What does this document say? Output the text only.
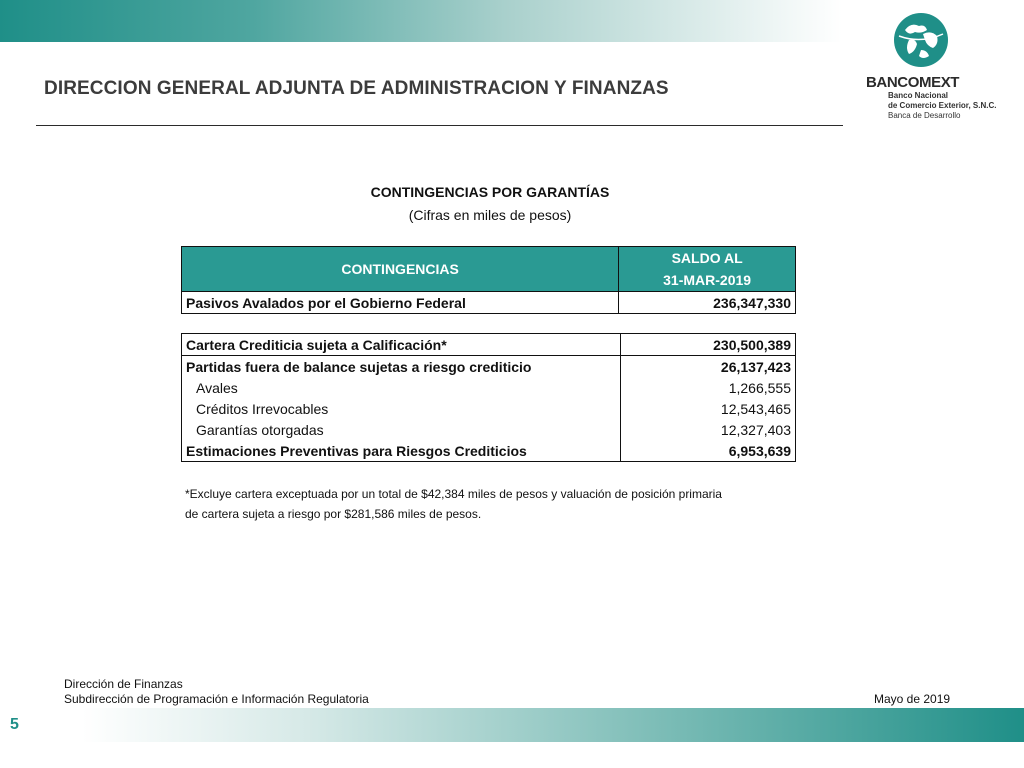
DIRECCION GENERAL ADJUNTA DE ADMINISTRACION Y FINANZAS	BANCOMEXT
Banco Nacional
de Comercio Exterior, S.N.C.
Banca de Desarrollo
CONTINGENCIAS POR GARANTÍAS
(Cifras en miles de pesos)
CONTINGENCIAS	SALDO AL
31-MAR-2019
Pasivos Avalados por el Gobierno Federal	236,347,330
Cartera Crediticia sujeta a Calificación*	230,500,389
Partidas fuera de balance sujetas a riesgo crediticio	26,137,423
Avales	1,266,555
Créditos Irrevocables	12,543,465
Garantías otorgadas	12,327,403
Estimaciones Preventivas para Riesgos Crediticios	6,953,639
*Excluye cartera exceptuada por un total de $42,384 miles de pesos y valuación de posición primaria
de cartera sujeta a riesgo por $281,586 miles de pesos.
Dirección de Finanzas
Subdirección de Programación e Información Regulatoria	Mayo de 2019
5
